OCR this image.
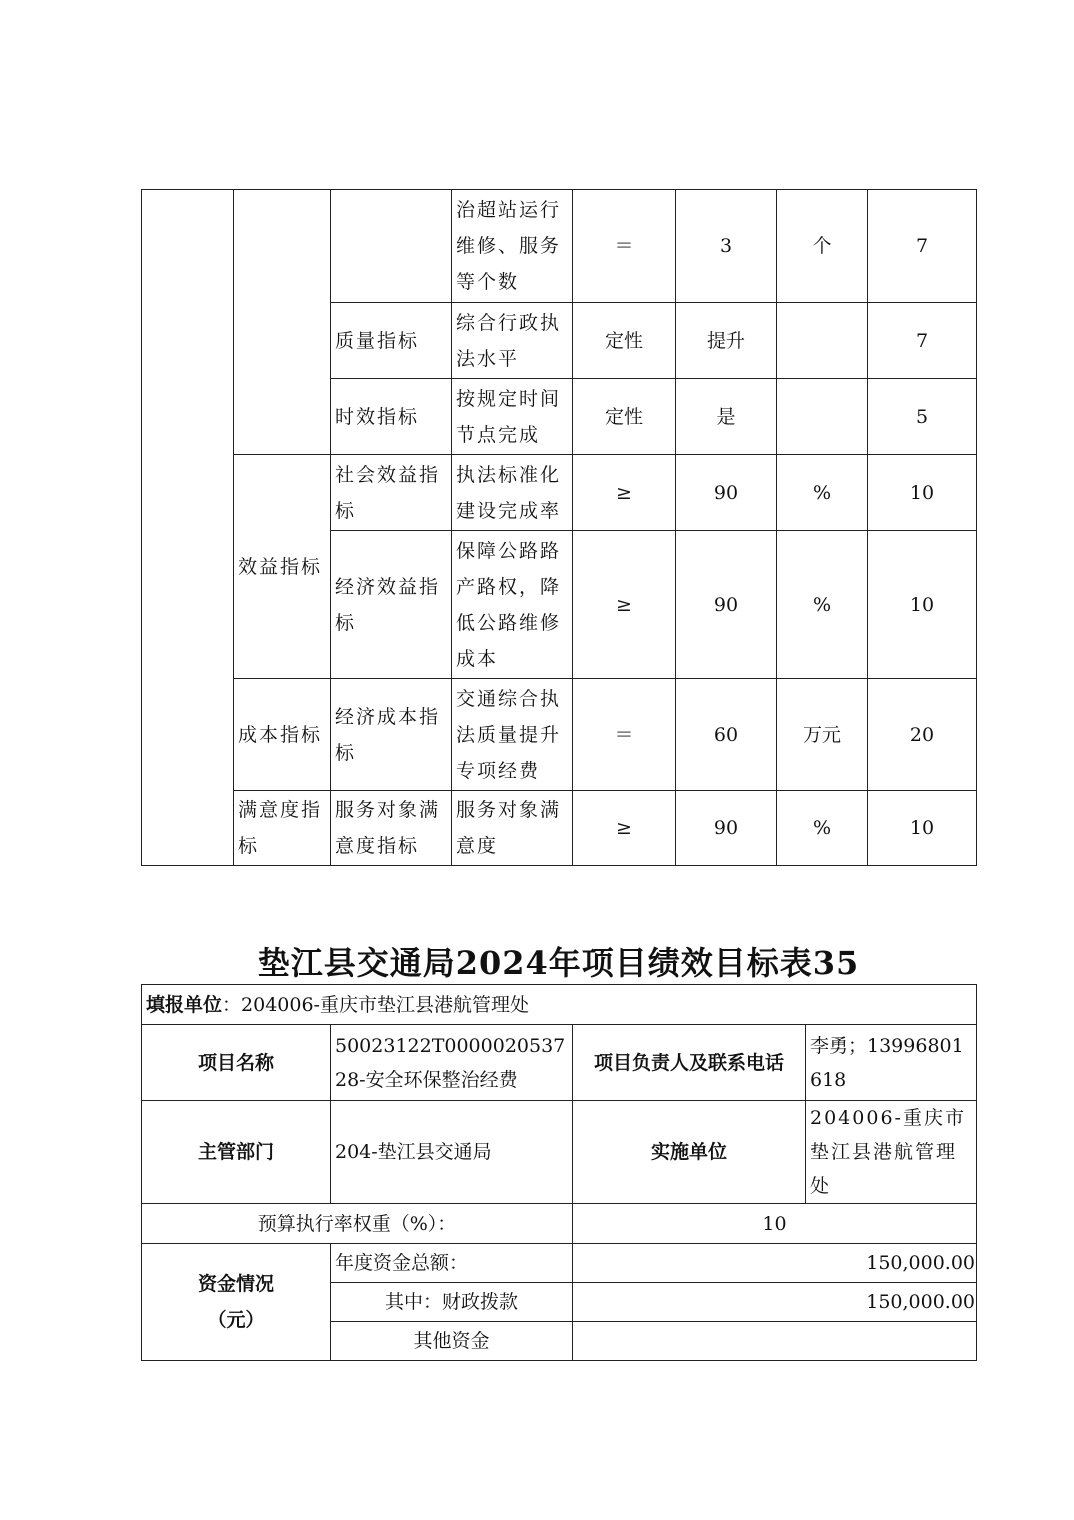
			治超站运行维修、服务等个数	＝	3	个	7
		质量指标	综合行政执法水平	定性	提升		7
		时效指标	按规定时间节点完成	定性	是		5
	效益指标	社会效益指标	执法标准化建设完成率	≥	90	%	10
		经济效益指标	保障公路路产路权，降低公路维修成本	≥	90	%	10
	成本指标	经济成本指标	交通综合执法质量提升专项经费	＝	60	万元	20
	满意度指标	服务对象满意度指标	服务对象满意度	≥	90	%	10
垫江县交通局2024年项目绩效目标表35
填报单位：204006-重庆市垫江县港航管理处			
项目名称	50023122T000002053728-安全环保整治经费	项目负责人及联系电话	李勇；13996801618
主管部门	204-垫江县交通局	实施单位	204006-重庆市垫江县港航管理处
预算执行率权重（%）：		10	

资金情况
（元）	年度资金总额：	150,000.00	
	其中：财政拨款	150,000.00	
	其他资金		
